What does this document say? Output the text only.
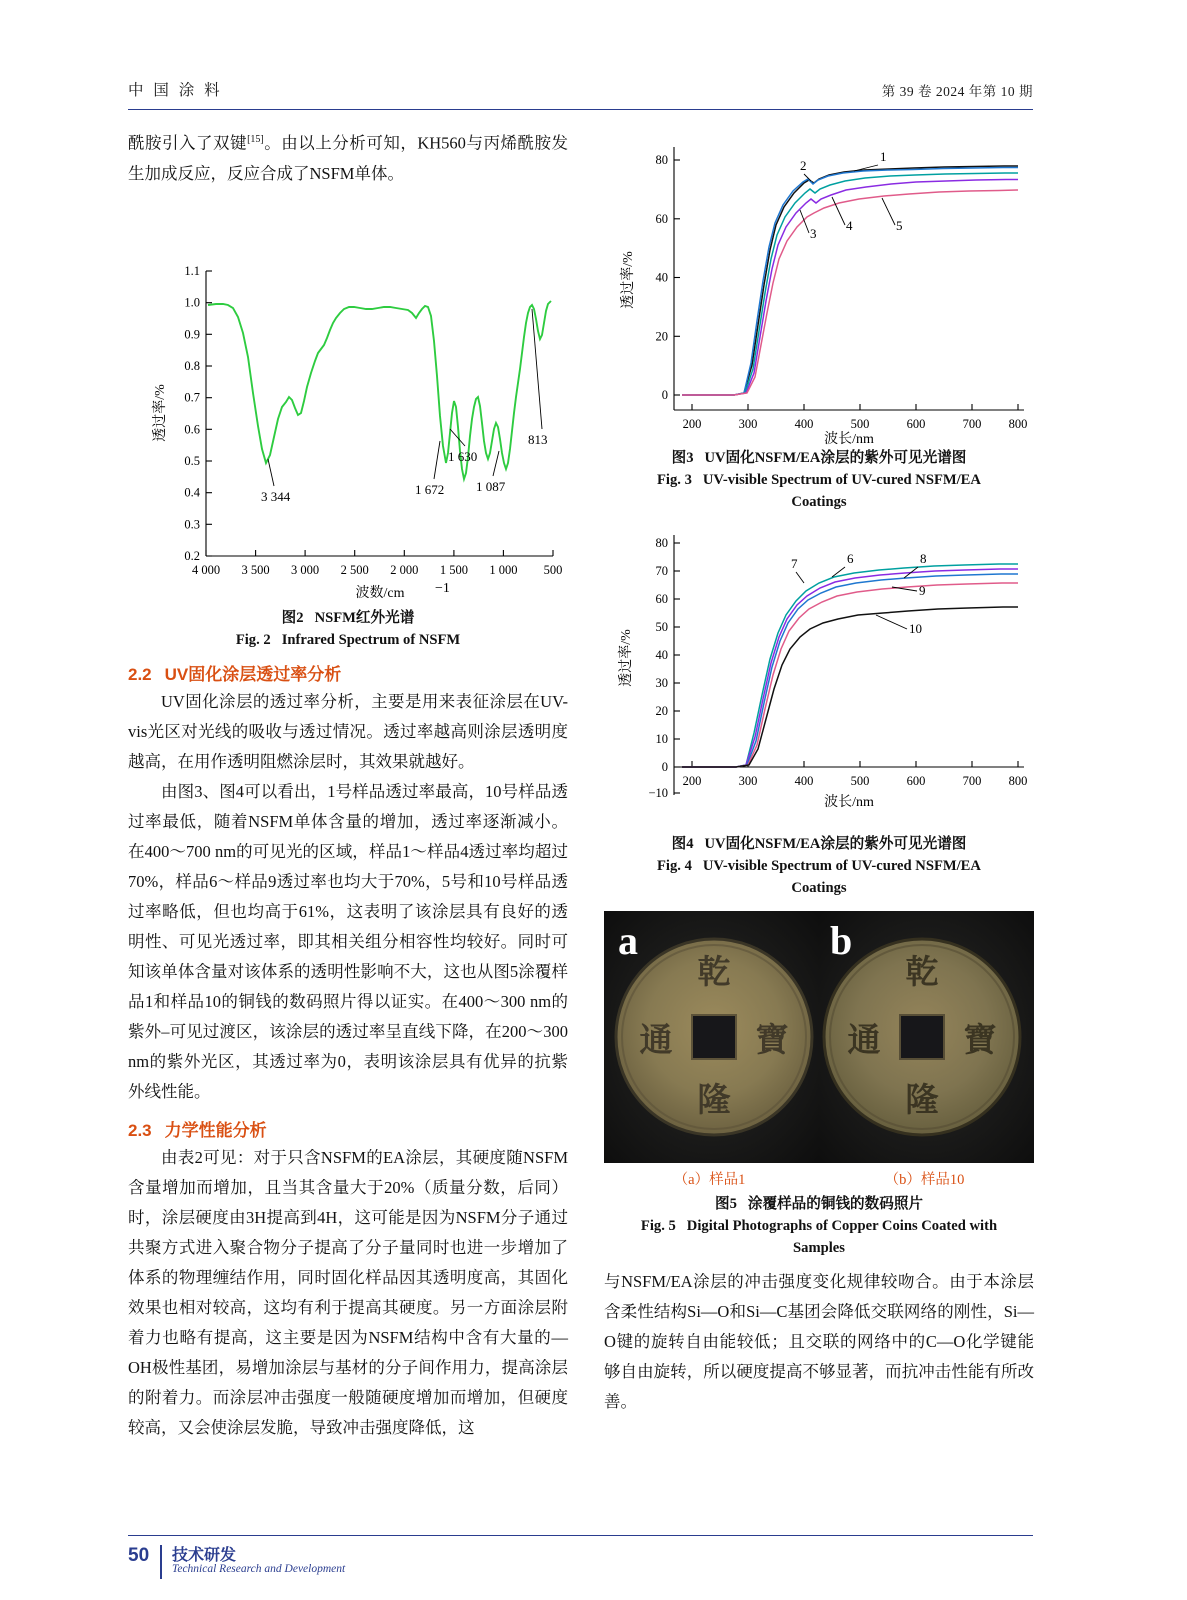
中 国 涂 料	第 39 卷 2024 年第 10 期

酰胺引入了双键[15]。由以上分析可知，KH560与丙烯酰胺发生加成反应，反应合成了NSFM单体。

0.2
0.3
0.4
0.5
0.6
0.7
0.8
0.9
1.0
1.1
4 000 3 500 3 000 2 500 2 000 1 500 1 000 500
波数/cm −1
透过率/%
3 344	1 672
1 630
1 087
813
图2 NSFM红外光谱
Fig. 2 Infrared Spectrum of NSFM
2.2 UV固化涂层透过率分析

UV固化涂层的透过率分析，主要是用来表征涂层在UV-vis光区对光线的吸收与透过情况。透过率越高则涂层透明度越高，在用作透明阻燃涂层时，其效果就越好。

由图3、图4可以看出，1号样品透过率最高，10号样品透过率最低，随着NSFM单体含量的增加，透过率逐渐减小。在400～700 nm的可见光的区域，样品1～样品4透过率均超过70%，样品6～样品9透过率也均大于70%，5号和10号样品透过率略低，但也均高于61%，这表明了该涂层具有良好的透明性、可见光透过率，即其相关组分相容性均较好。同时可知该单体含量对该体系的透明性影响不大，这也从图5涂覆样品1和样品10的铜钱的数码照片得以证实。在400～300 nm的紫外–可见过渡区，该涂层的透过率呈直线下降，在200～300 nm的紫外光区，其透过率为0，表明该涂层具有优异的抗紫外线性能。

2.3 力学性能分析

由表2可见：对于只含NSFM的EA涂层，其硬度随NSFM含量增加而增加，且当其含量大于20%（质量分数，后同）时，涂层硬度由3H提高到4H，这可能是因为NSFM分子通过共聚方式进入聚合物分子提高了分子量同时也进一步增加了体系的物理缠结作用，同时固化样品因其透明度高，其固化效果也相对较高，这均有利于提高其硬度。另一方面涂层附着力也略有提高，这主要是因为NSFM结构中含有大量的—OH极性基团，易增加涂层与基材的分子间作用力，提高涂层的附着力。而涂层冲击强度一般随硬度增加而增加，但硬度较高，又会使涂层发脆，导致冲击强度降低，这

0
20
40
60
80
200	300	400	500	600	700 800
波长/nm
透过率/%
1
2
3
4	5
图3 UV固化NSFM/EA涂层的紫外可见光谱图
Fig. 3 UV-visible Spectrum of UV-cured NSFM/EA
Coatings
−10
0
10
20
30
40
50
60
70
80
200	300	400	500	600	700 800
波长/nm
透过率/%
7	6	8
9
10
图4 UV固化NSFM/EA涂层的紫外可见光谱图
Fig. 4 UV-visible Spectrum of UV-cured NSFM/EA
Coatings
乾
隆
通	寶
乾
隆
通	寶
a	b
（a）样品1	（b）样品10
图5 涂覆样品的铜钱的数码照片
Fig. 5 Digital Photographs of Copper Coins Coated with
Samples

与NSFM/EA涂层的冲击强度变化规律较吻合。由于本涂层含柔性结构Si—O和Si—C基团会降低交联网络的刚性，Si—O键的旋转自由能较低；且交联的网络中的C—O化学键能够自由旋转，所以硬度提高不够显著，而抗冲击性能有所改善。

50 技术研发
Technical Research and Development
